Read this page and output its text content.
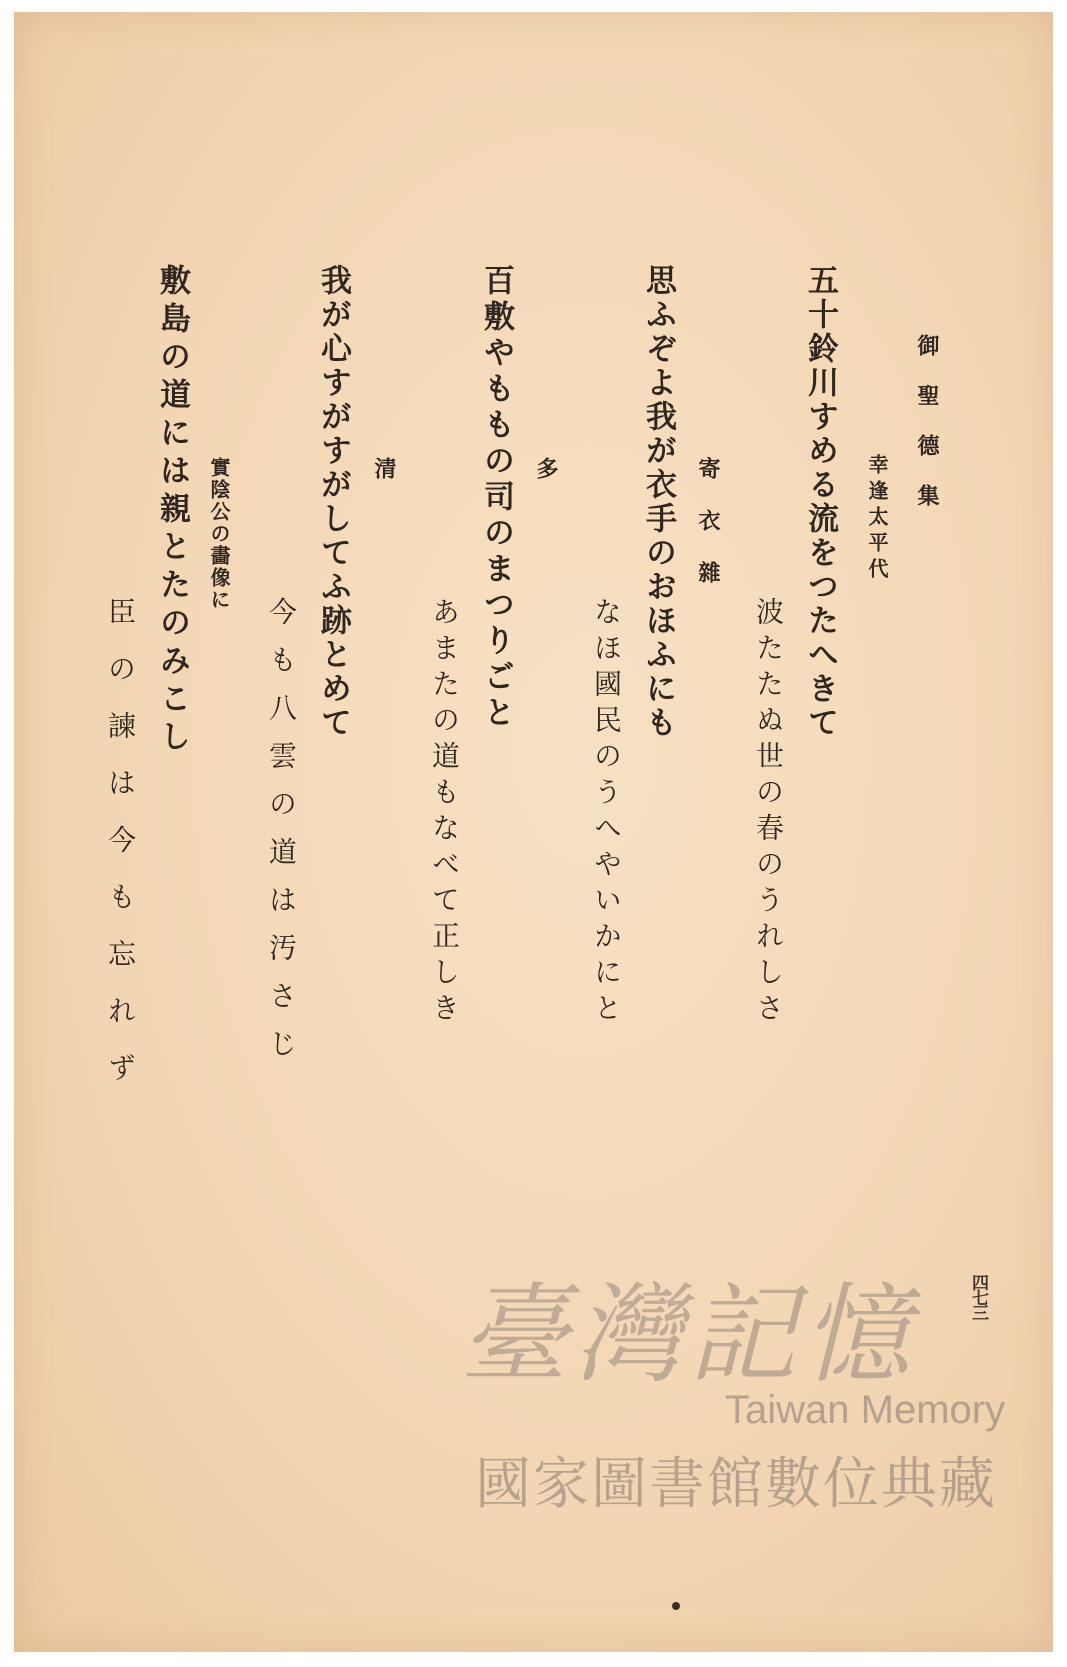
御聖德集
幸逢太平代
五十鈴川すめる流をつたへきて
波たたぬ世の春のうれしさ
寄衣雜
思ふぞよ我が衣手のおほふにも
なほ國民のうへやいかにと
多
百敷やももの司のまつりごと
あまたの道もなべて正しき
清
我が心すがすがしてふ跡とめて
今も八雲の道は汚さじ
實陰公の畵像に
敷島の道には親とたのみこし
臣の諫は今も忘れず
四七三
臺灣記憶
Taiwan Memory
國家圖書館數位典藏
